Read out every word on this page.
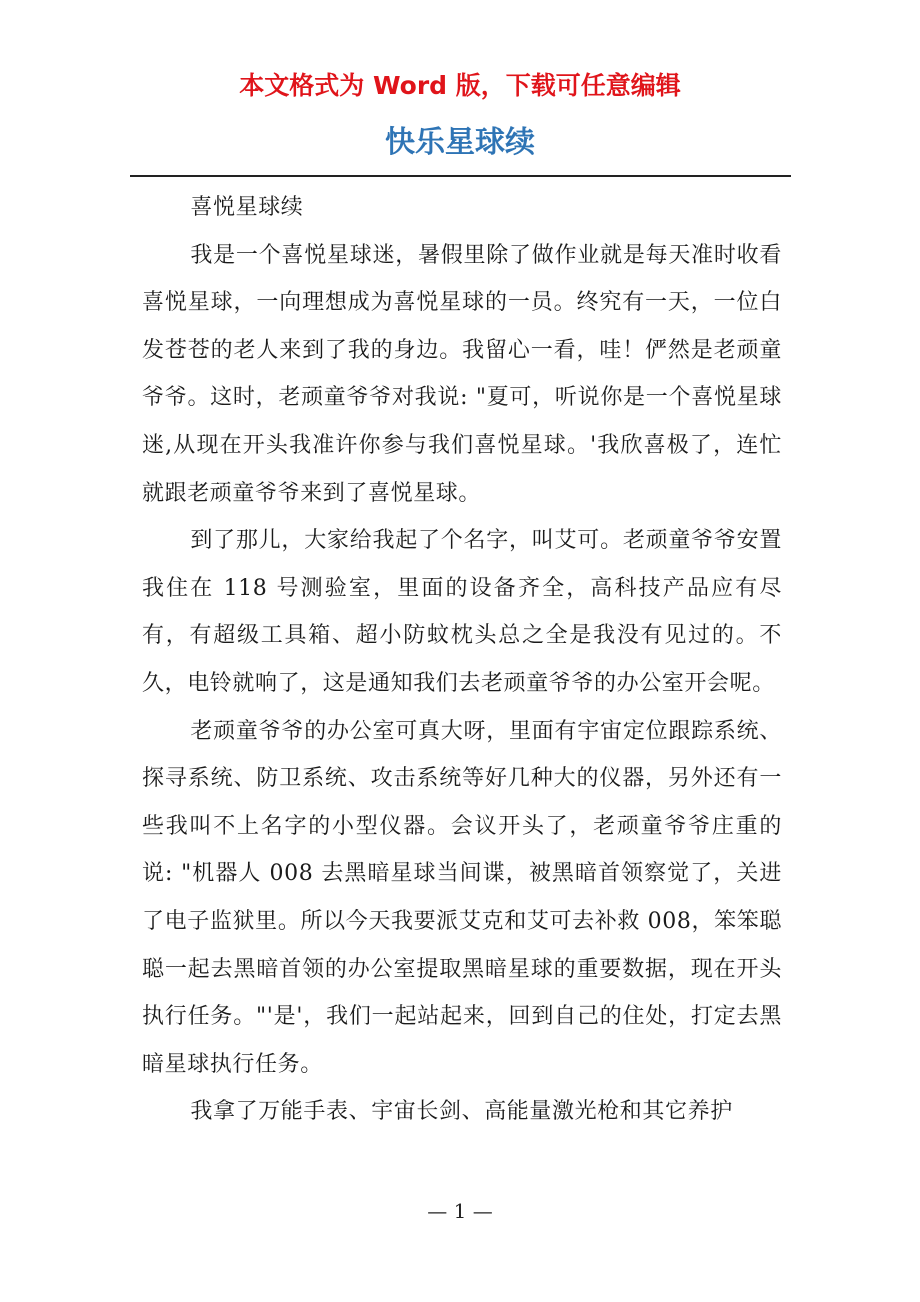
本文格式为 Word 版，下载可任意编辑
快乐星球续

喜悦星球续

我是一个喜悦星球迷，暑假里除了做作业就是每天准时收看喜悦星球，一向理想成为喜悦星球的一员。终究有一天，一位白发苍苍的老人来到了我的身边。我留心一看，哇！俨然是老顽童爷爷。这时，老顽童爷爷对我说: "夏可，听说你是一个喜悦星球迷,从现在开头我准许你参与我们喜悦星球。'我欣喜极了，连忙就跟老顽童爷爷来到了喜悦星球。

到了那儿，大家给我起了个名字，叫艾可。老顽童爷爷安置我住在 118 号测验室，里面的设备齐全，高科技产品应有尽有，有超级工具箱、超小防蚊枕头总之全是我没有见过的。不久，电铃就响了，这是通知我们去老顽童爷爷的办公室开会呢。

老顽童爷爷的办公室可真大呀，里面有宇宙定位跟踪系统、探寻系统、防卫系统、攻击系统等好几种大的仪器，另外还有一些我叫不上名字的小型仪器。会议开头了，老顽童爷爷庄重的说: "机器人 008 去黑暗星球当间谍，被黑暗首领察觉了，关进了电子监狱里。所以今天我要派艾克和艾可去补救 008，笨笨聪聪一起去黑暗首领的办公室提取黑暗星球的重要数据，现在开头执行任务。"'是'，我们一起站起来，回到自己的住处，打定去黑暗星球执行任务。

我拿了万能手表、宇宙长剑、高能量激光枪和其它养护

— 1 —
